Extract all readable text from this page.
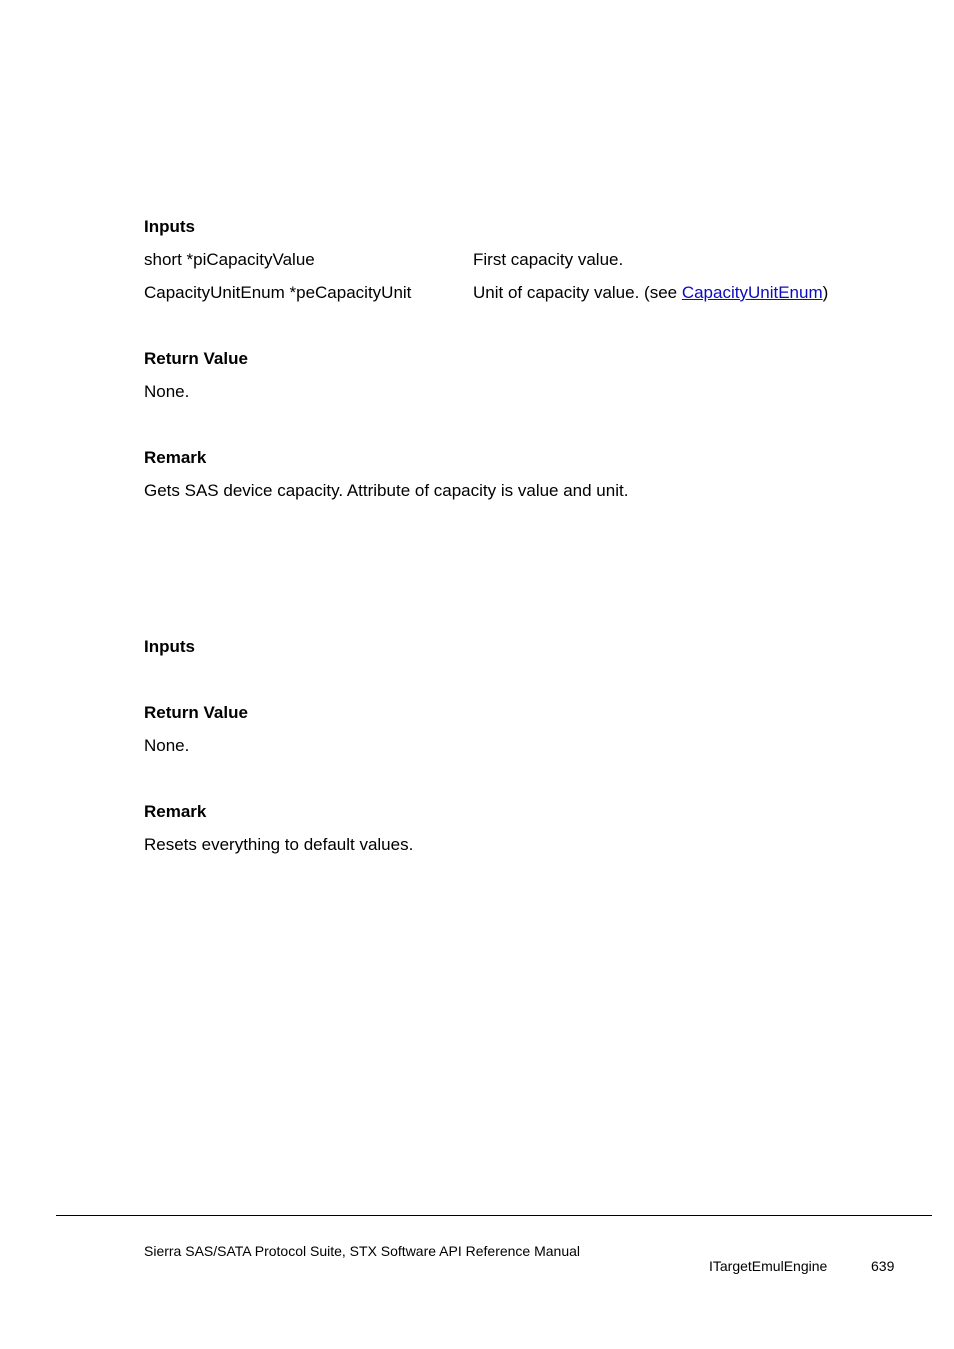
Inputs
short *piCapacityValue	First capacity value.
CapacityUnitEnum *peCapacityUnit	Unit of capacity value. (see CapacityUnitEnum)
Return Value
None.
Remark
Gets SAS device capacity. Attribute of capacity is value and unit.
Inputs
Return Value
None.
Remark
Resets everything to default values.
Sierra SAS/SATA Protocol Suite, STX Software API Reference Manual
ITargetEmulEngine	639
